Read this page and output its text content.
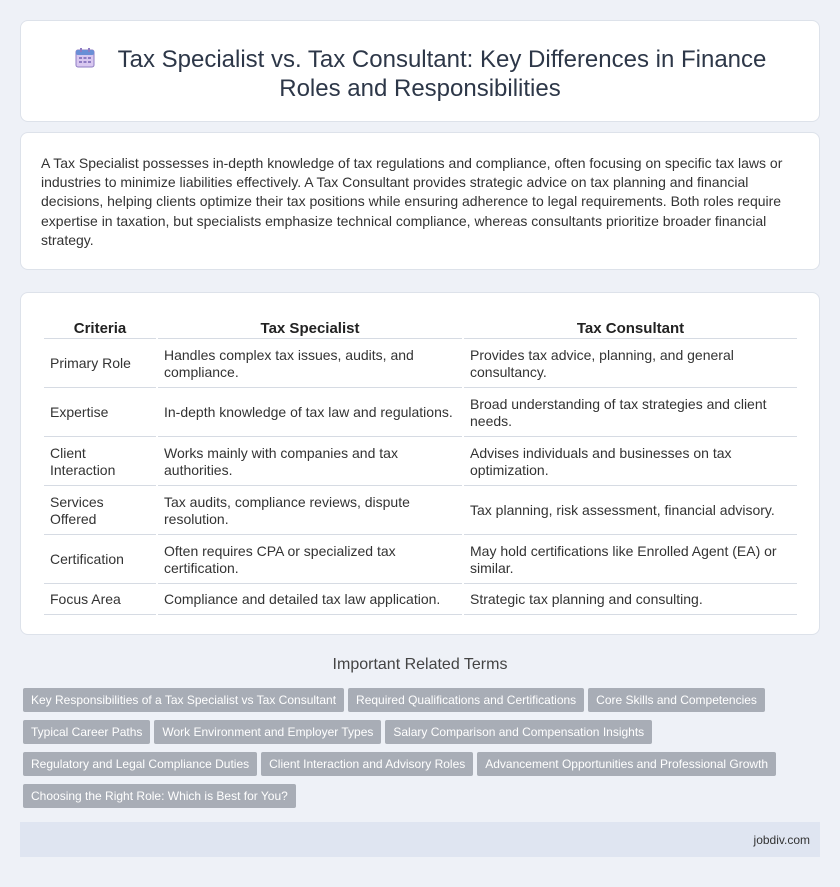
Tax Specialist vs. Tax Consultant: Key Differences in Finance
Roles and Responsibilities

A Tax Specialist possesses in-depth knowledge of tax regulations and compliance, often focusing on specific tax laws or industries to minimize liabilities effectively. A Tax Consultant provides strategic advice on tax planning and financial decisions, helping clients optimize their tax positions while ensuring adherence to legal requirements. Both roles require expertise in taxation, but specialists emphasize technical compliance, whereas consultants prioritize broader financial strategy.

Criteria	Tax Specialist	Tax Consultant
Primary Role	Handles complex tax issues, audits, and compliance.	Provides tax advice, planning, and general consultancy.
Expertise	In-depth knowledge of tax law and regulations.	Broad understanding of tax strategies and client needs.
Client Interaction	Works mainly with companies and tax authorities.	Advises individuals and businesses on tax optimization.
Services Offered	Tax audits, compliance reviews, dispute resolution.	Tax planning, risk assessment, financial advisory.
Certification	Often requires CPA or specialized tax certification.	May hold certifications like Enrolled Agent (EA) or similar.
Focus Area	Compliance and detailed tax law application.	Strategic tax planning and consulting.
Important Related Terms
Key Responsibilities of a Tax Specialist vs Tax Consultant Required Qualifications and Certifications Core Skills and Competencies
Typical Career Paths Work Environment and Employer Types Salary Comparison and Compensation Insights
Regulatory and Legal Compliance Duties Client Interaction and Advisory Roles Advancement Opportunities and Professional Growth
Choosing the Right Role: Which is Best for You?
jobdiv.com
